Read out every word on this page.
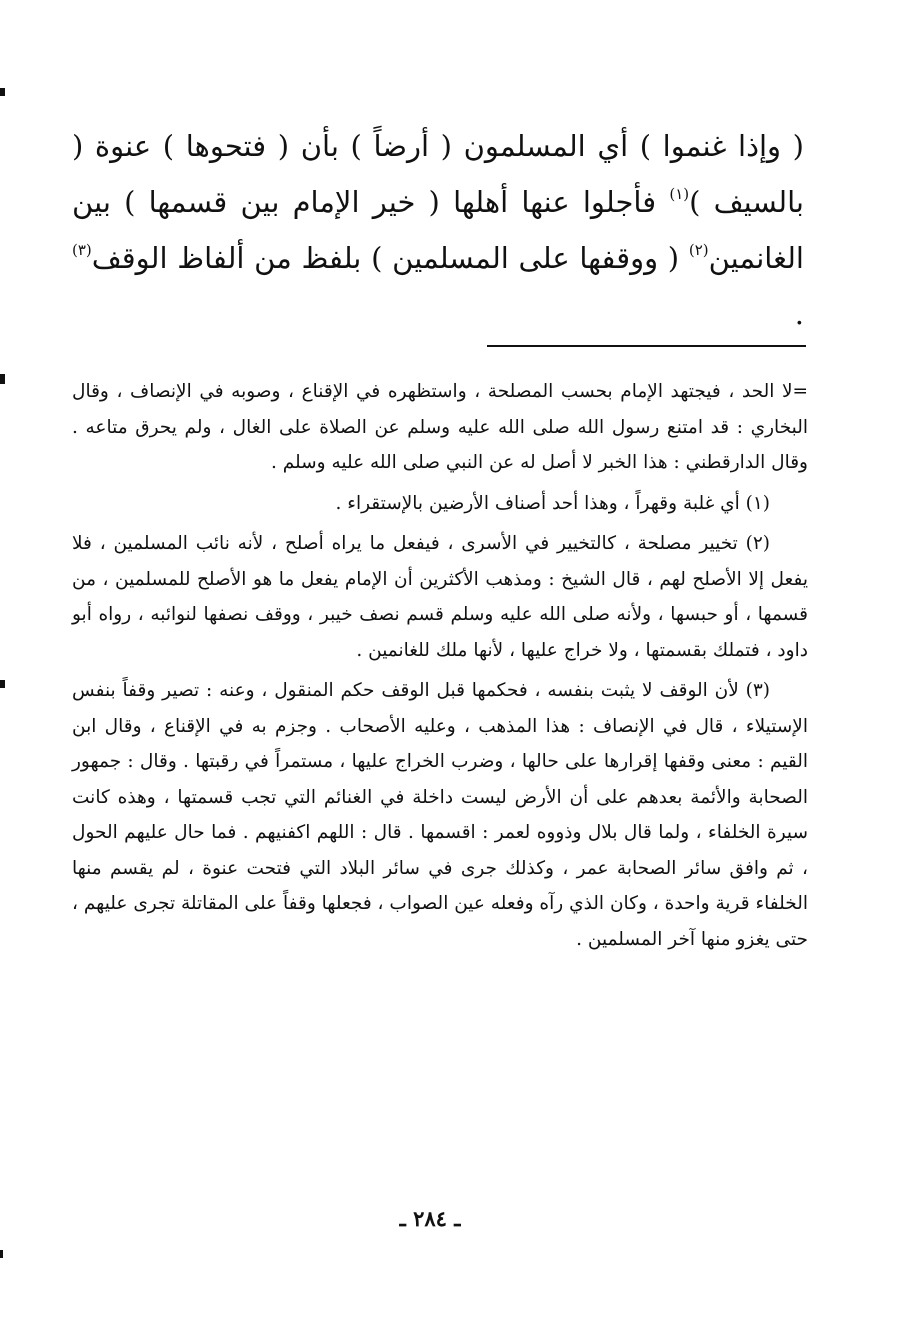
( وإذا غنموا ) أي المسلمون ( أرضاً ) بأن ( فتحوها ) عنوة ( بالسيف )$^{(١)}$ فأجلوا عنها أهلها ( خير الإمام بين قسمها ) بين الغانمين$^{(٢)}$ ( ووقفها على المسلمين ) بلفظ من ألفاظ الوقف$^{(٣)}$ .

=لا الحد ، فيجتهد الإمام بحسب المصلحة ، واستظهره في الإقناع ، وصوبه في الإنصاف ، وقال البخاري : قد امتنع رسول الله صلى الله عليه وسلم عن الصلاة على الغال ، ولم يحرق متاعه . وقال الدارقطني : هذا الخبر لا أصل له عن النبي صلى الله عليه وسلم .

(١) أي غلبة وقهراً ، وهذا أحد أصناف الأرضين بالإستقراء .

(٢) تخيير مصلحة ، كالتخيير في الأسرى ، فيفعل ما يراه أصلح ، لأنه نائب المسلمين ، فلا يفعل إلا الأصلح لهم ، قال الشيخ : ومذهب الأكثرين أن الإمام يفعل ما هو الأصلح للمسلمين ، من قسمها ، أو حبسها ، ولأنه صلى الله عليه وسلم قسم نصف خيبر ، ووقف نصفها لنوائبه ، رواه أبو داود ، فتملك بقسمتها ، ولا خراج عليها ، لأنها ملك للغانمين .

(٣) لأن الوقف لا يثبت بنفسه ، فحكمها قبل الوقف حكم المنقول ، وعنه : تصير وقفاً بنفس الإستيلاء ، قال في الإنصاف : هذا المذهب ، وعليه الأصحاب . وجزم به في الإقناع ، وقال ابن القيم : معنى وقفها إقرارها على حالها ، وضرب الخراج عليها ، مستمراً في رقبتها . وقال : جمهور الصحابة والأئمة بعدهم على أن الأرض ليست داخلة في الغنائم التي تجب قسمتها ، وهذه كانت سيرة الخلفاء ، ولما قال بلال وذووه لعمر : اقسمها . قال : اللهم اكفنيهم . فما حال عليهم الحول ، ثم وافق سائر الصحابة عمر ، وكذلك جرى في سائر البلاد التي فتحت عنوة ، لم يقسم منها الخلفاء قرية واحدة ، وكان الذي رآه وفعله عين الصواب ، فجعلها وقفاً على المقاتلة تجرى عليهم ، حتى يغزو منها آخر المسلمين .

ـ ٢٨٤ ـ
